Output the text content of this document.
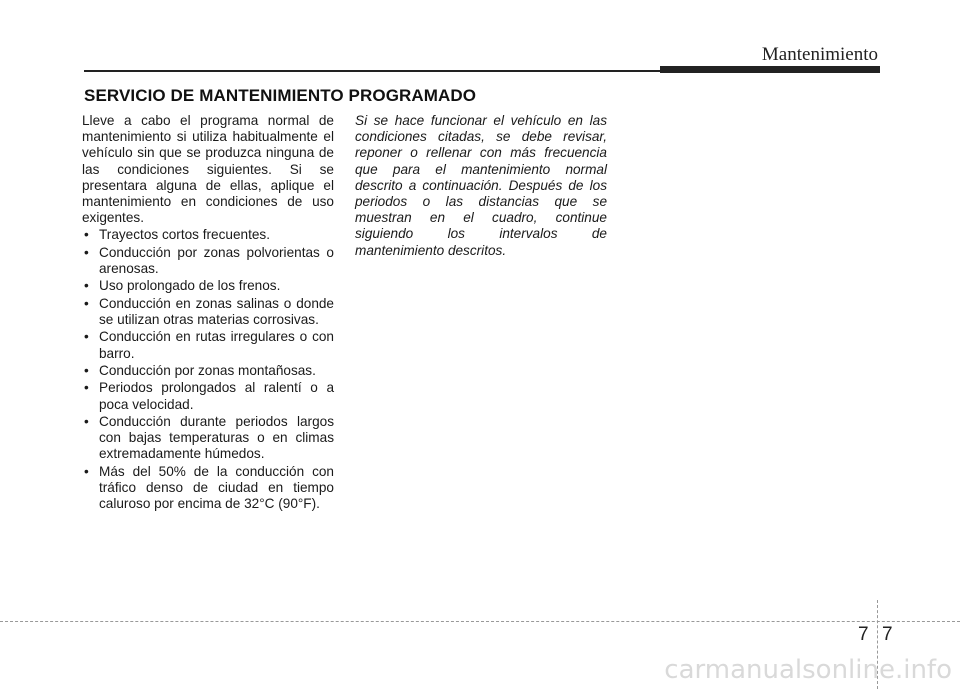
Mantenimiento
SERVICIO DE MANTENIMIENTO PROGRAMADO

Lleve a cabo el programa normal de mantenimiento si utiliza habitualmente el vehículo sin que se produzca ninguna de las condiciones siguientes. Si se presentara alguna de ellas, aplique el mantenimiento en condiciones de uso exigentes.

• Trayectos cortos frecuentes.
• Conducción por zonas polvorientas o arenosas.
• Uso prolongado de los frenos.
• Conducción en zonas salinas o donde se utilizan otras materias corrosivas.
• Conducción en rutas irregulares o con barro.
• Conducción por zonas montañosas.
• Periodos prolongados al ralentí o a poca velocidad.
• Conducción durante periodos largos con bajas temperaturas o en climas extremadamente húmedos.
• Más del 50% de la conducción con tráfico denso de ciudad en tiempo caluroso por encima de 32°C (90°F).

Si se hace funcionar el vehículo en las condiciones citadas, se debe revisar, reponer o rellenar con más frecuencia que para el mantenimiento normal descrito a continuación. Después de los periodos o las distancias que se muestran en el cuadro, continue siguiendo los intervalos de mantenimiento descritos.

7 7
carmanualsonline.info
